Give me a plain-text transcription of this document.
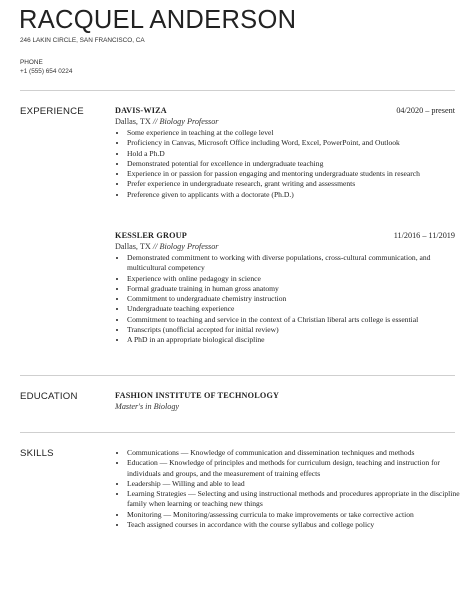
RACQUEL ANDERSON
246 LAKIN CIRCLE, SAN FRANCISCO, CA
PHONE
+1 (555) 654 0224
EXPERIENCE	DAVIS-WIZA	04/2020 – present
Dallas, TX // Biology Professor
• Some experience in teaching at the college level
• Proficiency in Canvas, Microsoft Office including Word, Excel, PowerPoint, and Outlook
• Hold a Ph.D
• Demonstrated potential for excellence in undergraduate teaching
• Experience in or passion for passion engaging and mentoring undergraduate students in research
• Prefer experience in undergraduate research, grant writing and assessments
• Preference given to applicants with a doctorate (Ph.D.)
KESSLER GROUP	11/2016 – 11/2019
Dallas, TX // Biology Professor
• Demonstrated commitment to working with diverse populations, cross-cultural communication, and multicultural competency
• Experience with online pedagogy in science
• Formal graduate training in human gross anatomy
• Commitment to undergraduate chemistry instruction
• Undergraduate teaching experience
• Commitment to teaching and service in the context of a Christian liberal arts college is essential
• Transcripts (unofficial accepted for initial review)
• A PhD in an appropriate biological discipline
EDUCATION	FASHION INSTITUTE OF TECHNOLOGY
Master's in Biology
SKILLS
•	Communications — Knowledge of communication and dissemination techniques and methods
• Education — Knowledge of principles and methods for curriculum design, teaching and instruction for individuals and groups, and the measurement of training effects
• Leadership — Willing and able to lead
• Learning Strategies — Selecting and using instructional methods and procedures appropriate in the discipline family when learning or teaching new things
• Monitoring — Monitoring/assessing curricula to make improvements or take corrective action
• Teach assigned courses in accordance with the course syllabus and college policy
